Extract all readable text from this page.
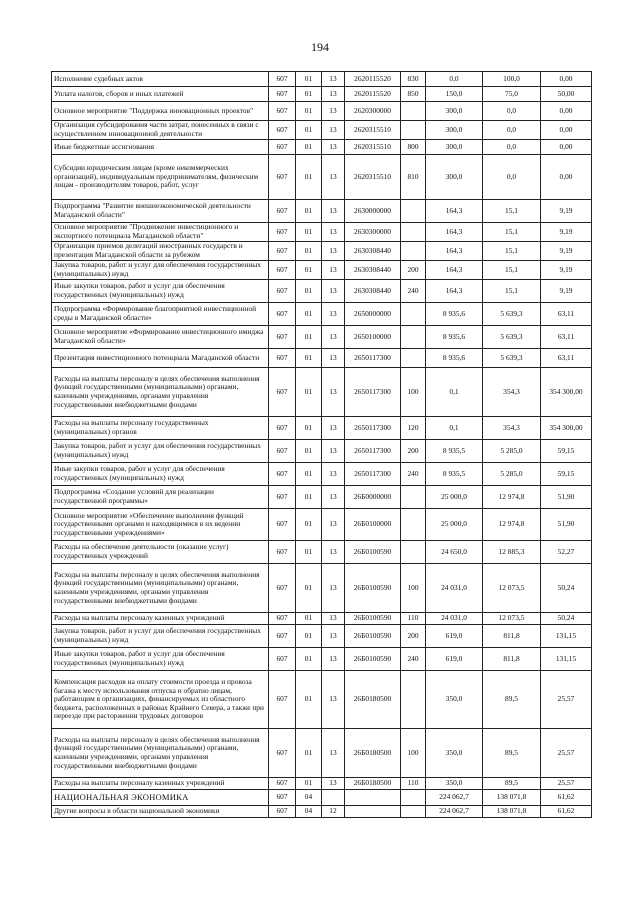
194
Исполнение судебных актов	607	01	13	2620115520	830	0,0	100,0	0,00
Уплата налогов, сборов и иных платежей	607	01	13	2620115520	850	150,0	75,0	50,00
Основное мероприятие "Поддержка инновационных проектов"	607	01	13	2620300000		300,0	0,0	0,00
Организация субсидирования части затрат, понесенных в связи с осуществлением инновационной деятельности	607	01	13	2620315510		300,0	0,0	0,00
Иные бюджетные ассигнования	607	01	13	2620315510	800	300,0	0,0	0,00
Субсидии юридическим лицам (кроме некоммерческих организаций), индивидуальным предпринимателям, физическим лицам - производителям товаров, работ, услуг	607	01	13	2620315510	810	300,0	0,0	0,00
Подпрограмма "Развитие внешнеэкономической деятельности Магаданской области"	607	01	13	2630000000		164,3	15,1	9,19
Основное мероприятие "Продвижение инвестиционного и экспортного потенциала Магаданской области"	607	01	13	2630300000		164,3	15,1	9,19
Организация приемов делегаций иностранных государств и презентация Магаданской области за рубежом	607	01	13	2630308440		164,3	15,1	9,19
Закупка товаров, работ и услуг для обеспечения государственных (муниципальных) нужд	607	01	13	2630308440	200	164,3	15,1	9,19
Иные закупки товаров, работ и услуг для обеспечения государственных (муниципальных) нужд	607	01	13	2630308440	240	164,3	15,1	9,19
Подпрограмма «Формирование благоприятной инвестиционной среды в Магаданской области»	607	01	13	2650000000		8 935,6	5 639,3	63,11
Основное мероприятие «Формирование инвестиционного имиджа Магаданской области»	607	01	13	2650100000		8 935,6	5 639,3	63,11
Презентация инвестиционного потенциала Магаданской области	607	01	13	2650117300		8 935,6	5 639,3	63,11
Расходы на выплаты персоналу в целях обеспечения выполнения функций государственными (муниципальными) органами, казенными учреждениями, органами управления государственными внебюджетными фондами	607	01	13	2650117300	100	0,1	354,3	354 300,00
Расходы на выплаты персоналу государственных (муниципальных) органов	607	01	13	2650117300	120	0,1	354,3	354 300,00
Закупка товаров, работ и услуг для обеспечения государственных (муниципальных) нужд	607	01	13	2650117300	200	8 935,5	5 285,0	59,15
Иные закупки товаров, работ и услуг для обеспечения государственных (муниципальных) нужд	607	01	13	2650117300	240	8 935,5	5 285,0	59,15
Подпрограмма «Создание условий для реализации государственной программы»	607	01	13	26Б0000000		25 000,0	12 974,8	51,90
Основное мероприятие «Обеспечение выполнения функций государственными органами и находящимися в их ведении государственными учреждениями»	607	01	13	26Б0100000		25 000,0	12 974,8	51,90
Расходы на обеспечение деятельности (оказание услуг) государственных учреждений	607	01	13	26Б0100590		24 650,0	12 885,3	52,27
Расходы на выплаты персоналу в целях обеспечения выполнения функций государственными (муниципальными) органами, казенными учреждениями, органами управления государственными внебюджетными фондами	607	01	13	26Б0100590	100	24 031,0	12 073,5	50,24
Расходы на выплаты персоналу казенных учреждений	607	01	13	26Б0100590	110	24 031,0	12 073,5	50,24
Закупка товаров, работ и услуг для обеспечения государственных (муниципальных) нужд	607	01	13	26Б0100590	200	619,0	811,8	131,15
Иные закупки товаров, работ и услуг для обеспечения государственных (муниципальных) нужд	607	01	13	26Б0100590	240	619,0	811,8	131,15
Компенсация расходов на оплату стоимости проезда и провоза багажа к месту использования отпуска и обратно лицам, работающим в организациях, финансируемых из областного бюджета, расположенных в районах Крайнего Севера, а также при переезде при расторжении трудовых договоров	607	01	13	26Б0180500		350,0	89,5	25,57
Расходы на выплаты персоналу в целях обеспечения выполнения функций государственными (муниципальными) органами, казенными учреждениями, органами управления государственными внебюджетными фондами	607	01	13	26Б0180500	100	350,0	89,5	25,57
Расходы на выплаты персоналу казенных учреждений	607	01	13	26Б0180500	110	350,0	89,5	25,57
НАЦИОНАЛЬНАЯ ЭКОНОМИКА	607	04				224 062,7	138 071,8	61,62
Другие вопросы в области национальной экономики	607	04	12			224 062,7	138 071,8	61,62
